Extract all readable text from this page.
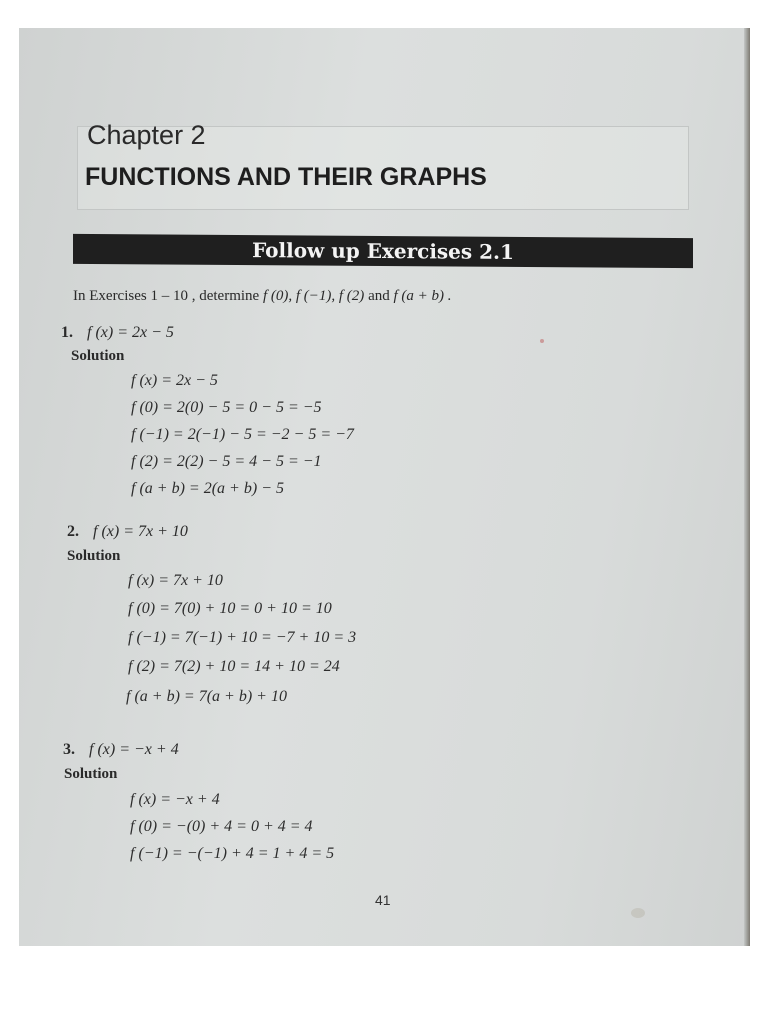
Chapter 2
FUNCTIONS AND THEIR GRAPHS
Follow up Exercises 2.1
In Exercises 1 – 10 , determine f (0), f (−1), f (2) and f (a + b) .
1. f (x) = 2x − 5
Solution
f (x) = 2x − 5
f (0) = 2(0) − 5 = 0 − 5 = −5
f (−1) = 2(−1) − 5 = −2 − 5 = −7
f (2) = 2(2) − 5 = 4 − 5 = −1
f (a + b) = 2(a + b) − 5
2. f (x) = 7x + 10
Solution
f (x) = 7x + 10
f (0) = 7(0) + 10 = 0 + 10 = 10
f (−1) = 7(−1) + 10 = −7 + 10 = 3
f (2) = 7(2) + 10 = 14 + 10 = 24
f (a + b) = 7(a + b) + 10
3. f (x) = −x + 4
Solution
f (x) = −x + 4
f (0) = −(0) + 4 = 0 + 4 = 4
f (−1) = −(−1) + 4 = 1 + 4 = 5
41
